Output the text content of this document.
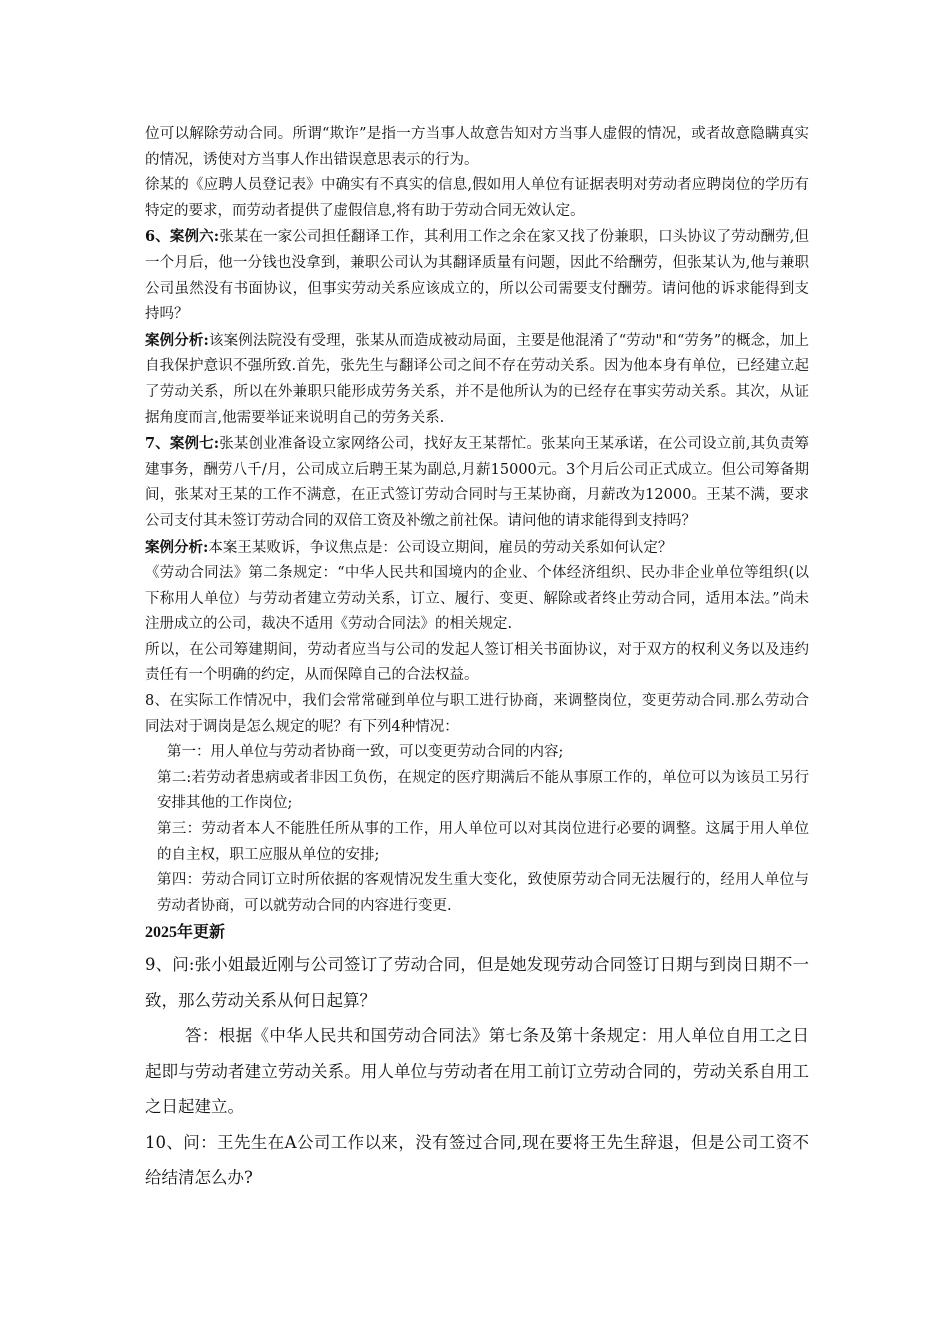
位可以解除劳动合同。所谓“欺诈”是指一方当事人故意告知对方当事人虚假的情况，或者故意隐瞒真实的情况，诱使对方当事人作出错误意思表示的行为。

徐某的《应聘人员登记表》中确实有不真实的信息,假如用人单位有证据表明对劳动者应聘岗位的学历有特定的要求，而劳动者提供了虚假信息,将有助于劳动合同无效认定。

6、案例六:张某在一家公司担任翻译工作，其利用工作之余在家又找了份兼职，口头协议了劳动酬劳,但一个月后，他一分钱也没拿到，兼职公司认为其翻译质量有问题，因此不给酬劳，但张某认为,他与兼职公司虽然没有书面协议，但事实劳动关系应该成立的，所以公司需要支付酬劳。请问他的诉求能得到支持吗？

案例分析:该案例法院没有受理，张某从而造成被动局面，主要是他混淆了“劳动"和“劳务”的概念，加上自我保护意识不强所致.首先，张先生与翻译公司之间不存在劳动关系。因为他本身有单位，已经建立起了劳动关系，所以在外兼职只能形成劳务关系，并不是他所认为的已经存在事实劳动关系。其次，从证据角度而言,他需要举证来说明自己的劳务关系.

7、案例七:张某创业准备设立家网络公司，找好友王某帮忙。张某向王某承诺，在公司设立前,其负责筹建事务，酬劳八千/月，公司成立后聘王某为副总,月薪15000元。3个月后公司正式成立。但公司筹备期间，张某对王某的工作不满意，在正式签订劳动合同时与王某协商，月薪改为12000。王某不满，要求公司支付其未签订劳动合同的双倍工资及补缴之前社保。请问他的请求能得到支持吗？

案例分析:本案王某败诉，争议焦点是：公司设立期间，雇员的劳动关系如何认定？

《劳动合同法》第二条规定：“中华人民共和国境内的企业、个体经济组织、民办非企业单位等组织(以下称用人单位）与劳动者建立劳动关系，订立、履行、变更、解除或者终止劳动合同，适用本法。”尚未注册成立的公司，裁决不适用《劳动合同法》的相关规定.

所以，在公司筹建期间，劳动者应当与公司的发起人签订相关书面协议，对于双方的权利义务以及违约责任有一个明确的约定，从而保障自己的合法权益。

8、在实际工作情况中，我们会常常碰到单位与职工进行协商，来调整岗位，变更劳动合同.那么劳动合同法对于调岗是怎么规定的呢？有下列4种情况：

第一：用人单位与劳动者协商一致，可以变更劳动合同的内容;

第二:若劳动者患病或者非因工负伤，在规定的医疗期满后不能从事原工作的，单位可以为该员工另行安排其他的工作岗位;

第三：劳动者本人不能胜任所从事的工作，用人单位可以对其岗位进行必要的调整。这属于用人单位的自主权，职工应服从单位的安排;

第四：劳动合同订立时所依据的客观情况发生重大变化，致使原劳动合同无法履行的，经用人单位与劳动者协商，可以就劳动合同的内容进行变更.

2025年更新

9、问:张小姐最近刚与公司签订了劳动合同，但是她发现劳动合同签订日期与到岗日期不一致，那么劳动关系从何日起算？

答：根据《中华人民共和国劳动合同法》第七条及第十条规定：用人单位自用工之日起即与劳动者建立劳动关系。用人单位与劳动者在用工前订立劳动合同的，劳动关系自用工之日起建立。

10、问：王先生在A公司工作以来，没有签过合同,现在要将王先生辞退，但是公司工资不给结清怎么办?
